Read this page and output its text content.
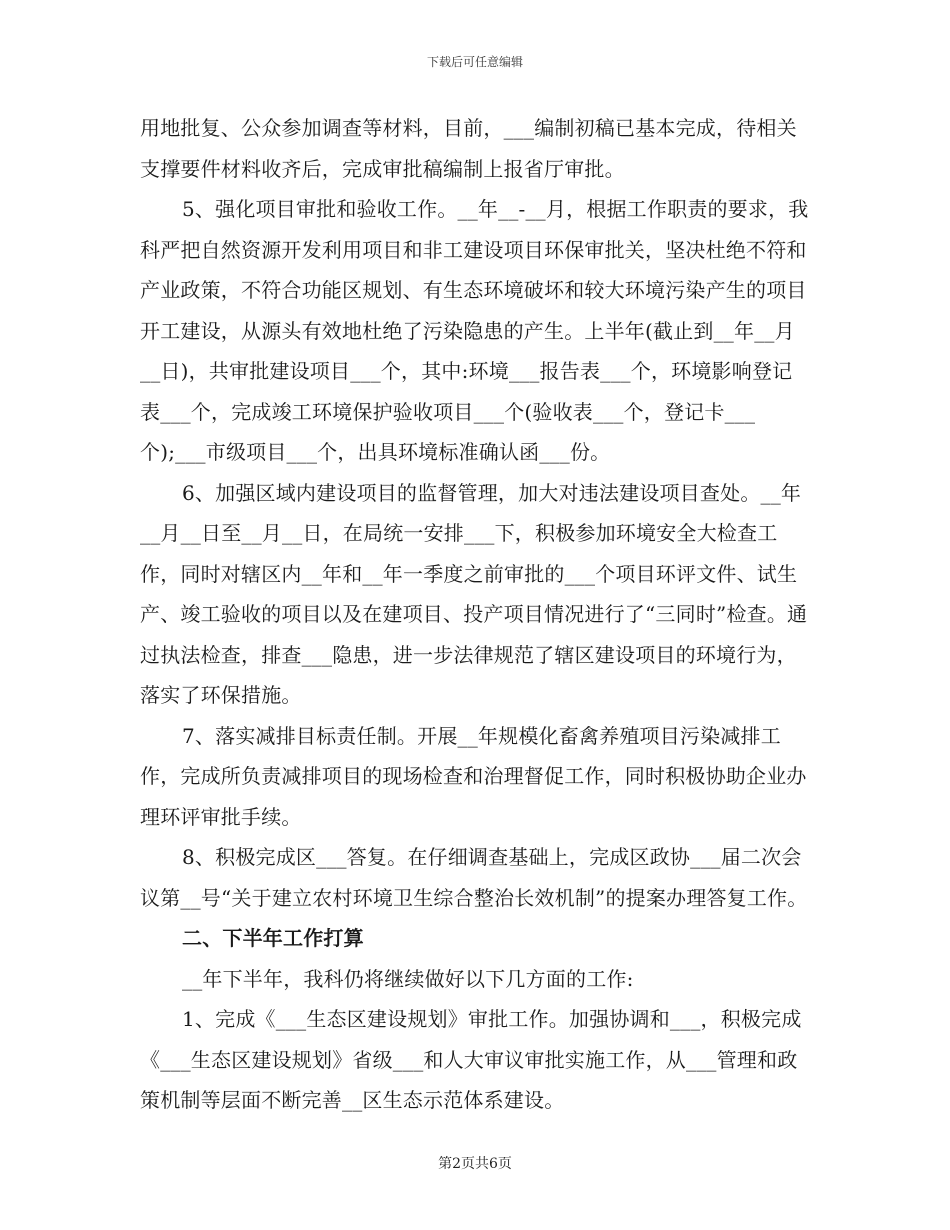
下载后可任意编辑

用地批复、公众参加调查等材料，目前，___编制初稿已基本完成，待相关支撑要件材料收齐后，完成审批稿编制上报省厅审批。

5、强化项目审批和验收工作。__年__-__月，根据工作职责的要求，我科严把自然资源开发利用项目和非工建设项目环保审批关，坚决杜绝不符和产业政策，不符合功能区规划、有生态环境破坏和较大环境污染产生的项目开工建设，从源头有效地杜绝了污染隐患的产生。上半年(截止到__年__月__日)，共审批建设项目___个，其中:环境___报告表___个，环境影响登记表___个，完成竣工环境保护验收项目___个(验收表___个，登记卡___个);___市级项目___个，出具环境标准确认函___份。

6、加强区域内建设项目的监督管理，加大对违法建设项目查处。__年__月__日至__月__日，在局统一安排___下，积极参加环境安全大检查工作，同时对辖区内__年和__年一季度之前审批的___个项目环评文件、试生产、竣工验收的项目以及在建项目、投产项目情况进行了“三同时”检查。通过执法检查，排查___隐患，进一步法律规范了辖区建设项目的环境行为，落实了环保措施。

7、落实减排目标责任制。开展__年规模化畜禽养殖项目污染减排工作，完成所负责减排项目的现场检查和治理督促工作，同时积极协助企业办理环评审批手续。

8、积极完成区___答复。在仔细调查基础上，完成区政协___届二次会议第__号“关于建立农村环境卫生综合整治长效机制”的提案办理答复工作。

二、下半年工作打算

__年下半年，我科仍将继续做好以下几方面的工作:

1、完成《___生态区建设规划》审批工作。加强协调和___，积极完成《___生态区建设规划》省级___和人大审议审批实施工作，从___管理和政策机制等层面不断完善__区生态示范体系建设。

第2页共6页
